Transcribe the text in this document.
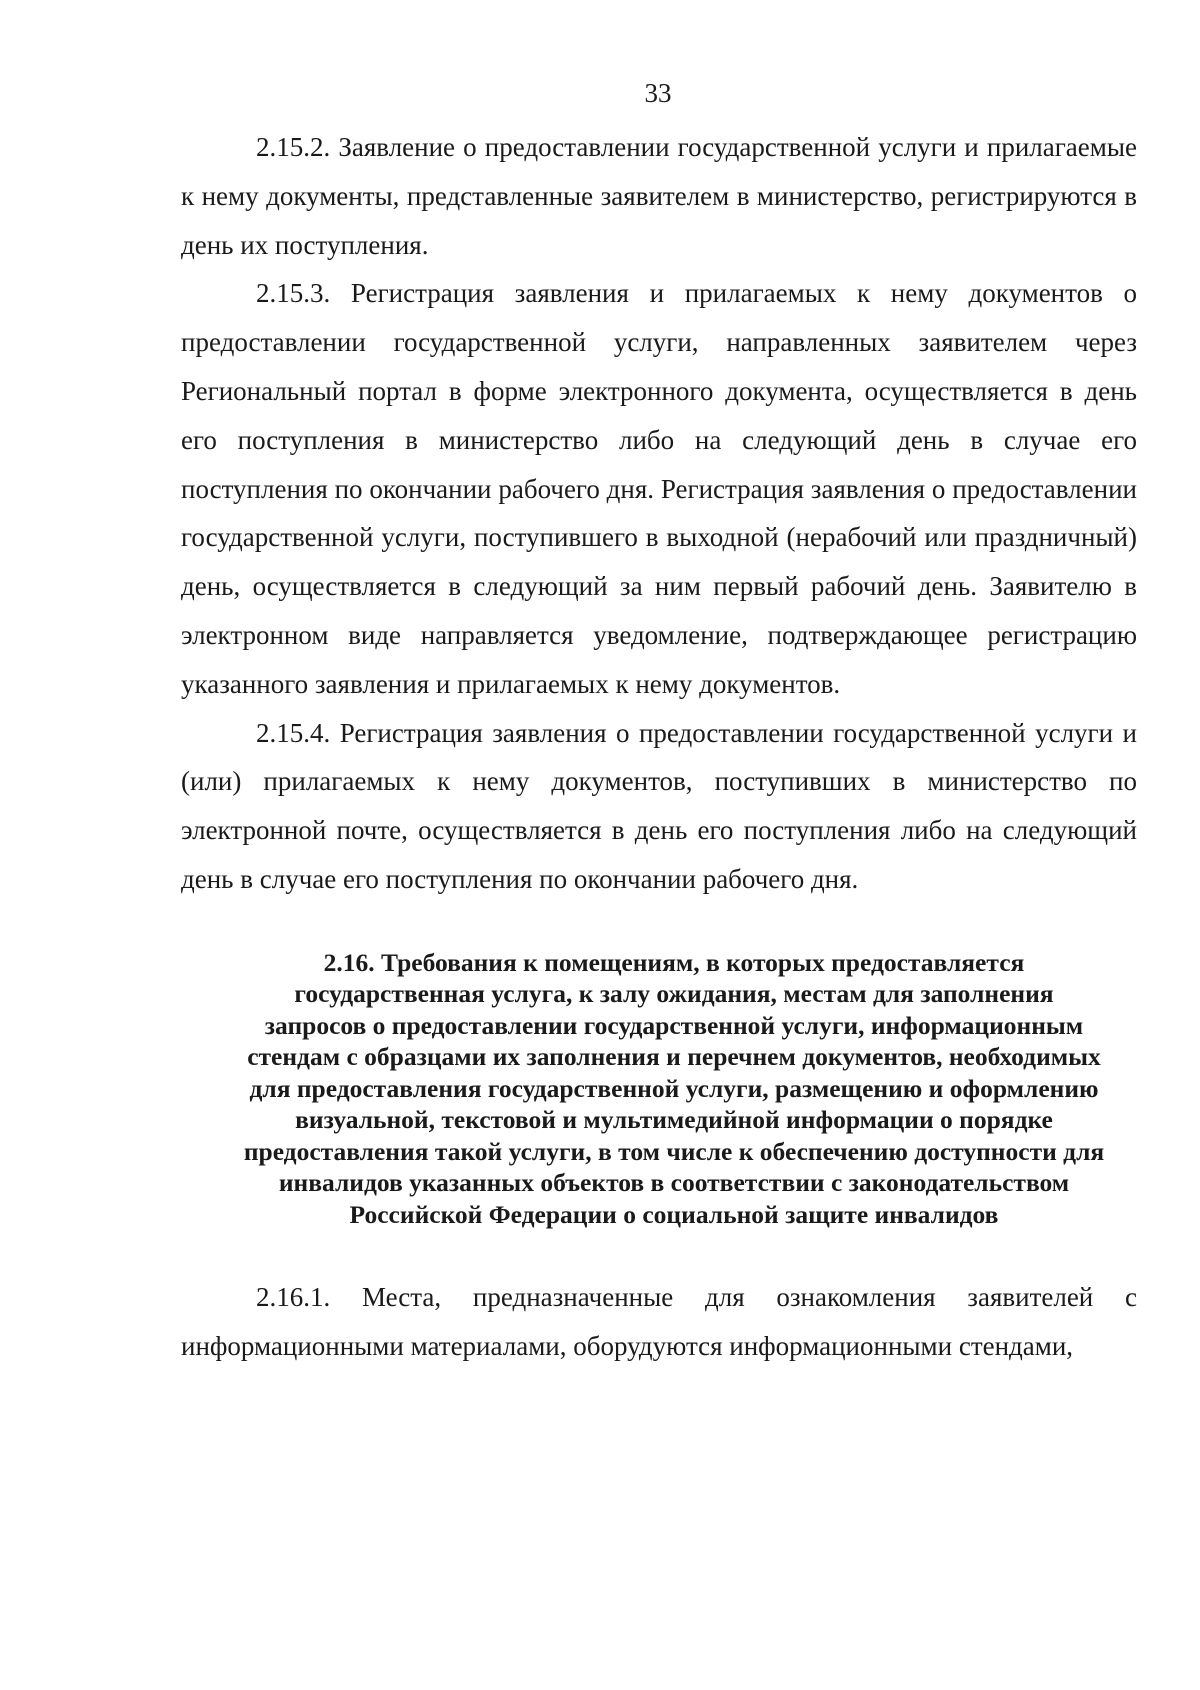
33

2.15.2. Заявление о предоставлении государственной услуги и прилагаемые к нему документы, представленные заявителем в министерство, регистрируются в день их поступления.

2.15.3. Регистрация заявления и прилагаемых к нему документов о предоставлении государственной услуги, направленных заявителем через Региональный портал в форме электронного документа, осуществляется в день его поступления в министерство либо на следующий день в случае его поступления по окончании рабочего дня. Регистрация заявления о предоставлении государственной услуги, поступившего в выходной (нерабочий или праздничный) день, осуществляется в следующий за ним первый рабочий день. Заявителю в электронном виде направляется уведомление, подтверждающее регистрацию указанного заявления и прилагаемых к нему документов.

2.15.4. Регистрация заявления о предоставлении государственной услуги и (или) прилагаемых к нему документов, поступивших в министерство по электронной почте, осуществляется в день его поступления либо на следующий день в случае его поступления по окончании рабочего дня.

2.16. Требования к помещениям, в которых предоставляется государственная услуга, к залу ожидания, местам для заполнения запросов о предоставлении государственной услуги, информационным стендам с образцами их заполнения и перечнем документов, необходимых для предоставления государственной услуги, размещению и оформлению визуальной, текстовой и мультимедийной информации о порядке предоставления такой услуги, в том числе к обеспечению доступности для инвалидов указанных объектов в соответствии с законодательством Российской Федерации о социальной защите инвалидов

2.16.1. Места, предназначенные для ознакомления заявителей с информационными материалами, оборудуются информационными стендами,
